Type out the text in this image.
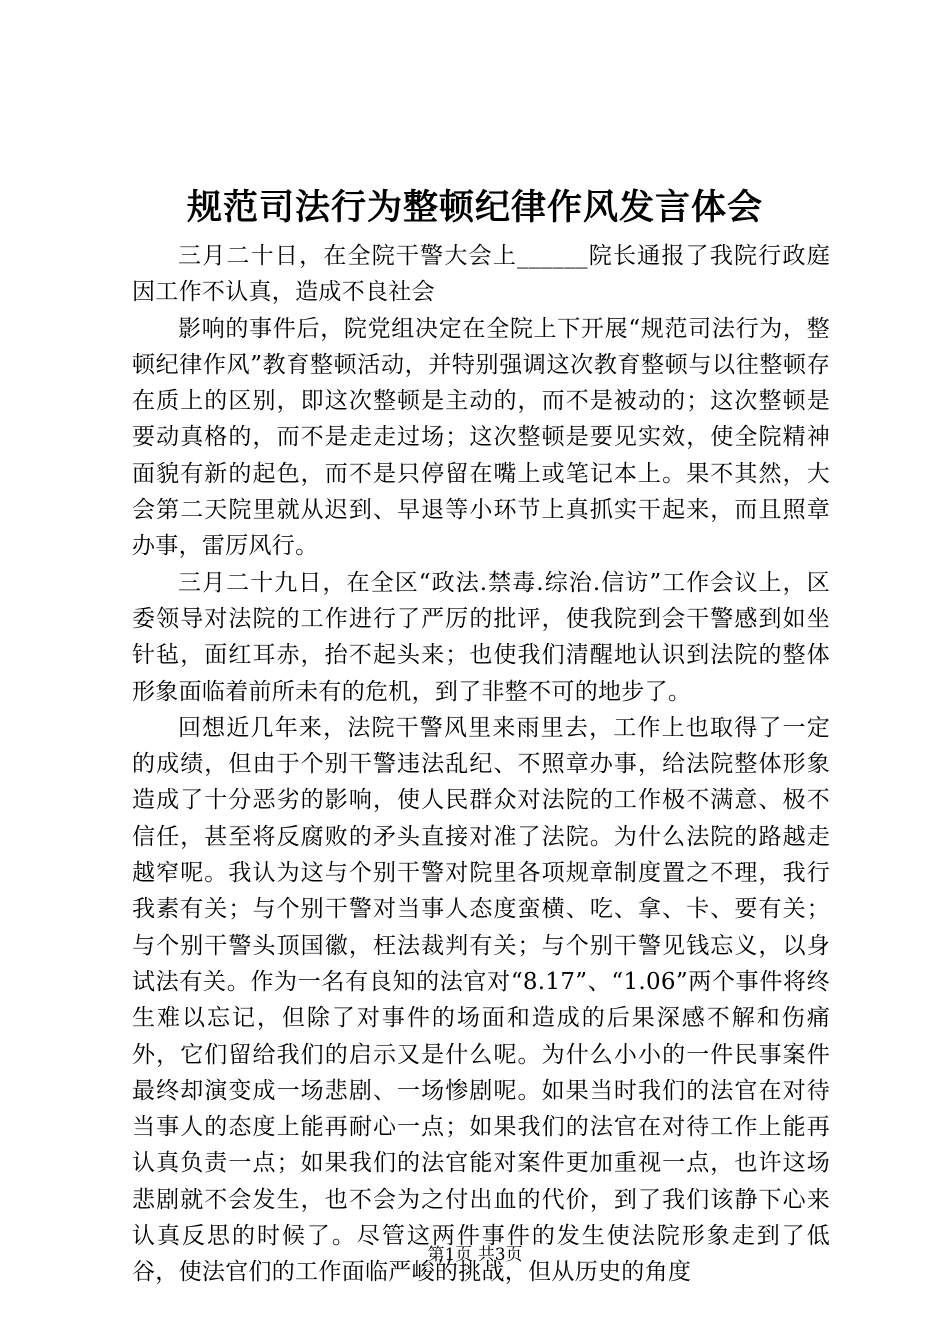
规范司法行为整顿纪律作风发言体会

三月二十日，在全院干警大会上______院长通报了我院行政庭因工作不认真，造成不良社会

影响的事件后，院党组决定在全院上下开展“规范司法行为，整顿纪律作风”教育整顿活动，并特别强调这次教育整顿与以往整顿存在质上的区别，即这次整顿是主动的，而不是被动的；这次整顿是要动真格的，而不是走走过场；这次整顿是要见实效，使全院精神面貌有新的起色，而不是只停留在嘴上或笔记本上。果不其然，大会第二天院里就从迟到、早退等小环节上真抓实干起来，而且照章办事，雷厉风行。

三月二十九日，在全区“政法.禁毒.综治.信访”工作会议上，区委领导对法院的工作进行了严厉的批评，使我院到会干警感到如坐针毡，面红耳赤，抬不起头来；也使我们清醒地认识到法院的整体形象面临着前所未有的危机，到了非整不可的地步了。

回想近几年来，法院干警风里来雨里去，工作上也取得了一定的成绩，但由于个别干警违法乱纪、不照章办事，给法院整体形象造成了十分恶劣的影响，使人民群众对法院的工作极不满意、极不信任，甚至将反腐败的矛头直接对准了法院。为什么法院的路越走越窄呢。我认为这与个别干警对院里各项规章制度置之不理，我行我素有关；与个别干警对当事人态度蛮横、吃、拿、卡、要有关；与个别干警头顶国徽，枉法裁判有关；与个别干警见钱忘义，以身试法有关。作为一名有良知的法官对“8.17”、“1.06”两个事件将终生难以忘记，但除了对事件的场面和造成的后果深感不解和伤痛外，它们留给我们的启示又是什么呢。为什么小小的一件民事案件最终却演变成一场悲剧、一场惨剧呢。如果当时我们的法官在对待当事人的态度上能再耐心一点；如果我们的法官在对待工作上能再认真负责一点；如果我们的法官能对案件更加重视一点，也许这场悲剧就不会发生，也不会为之付出血的代价，到了我们该静下心来认真反思的时候了。尽管这两件事件的发生使法院形象走到了低谷，使法官们的工作面临严峻的挑战，但从历史的角度

第1页 共3页
